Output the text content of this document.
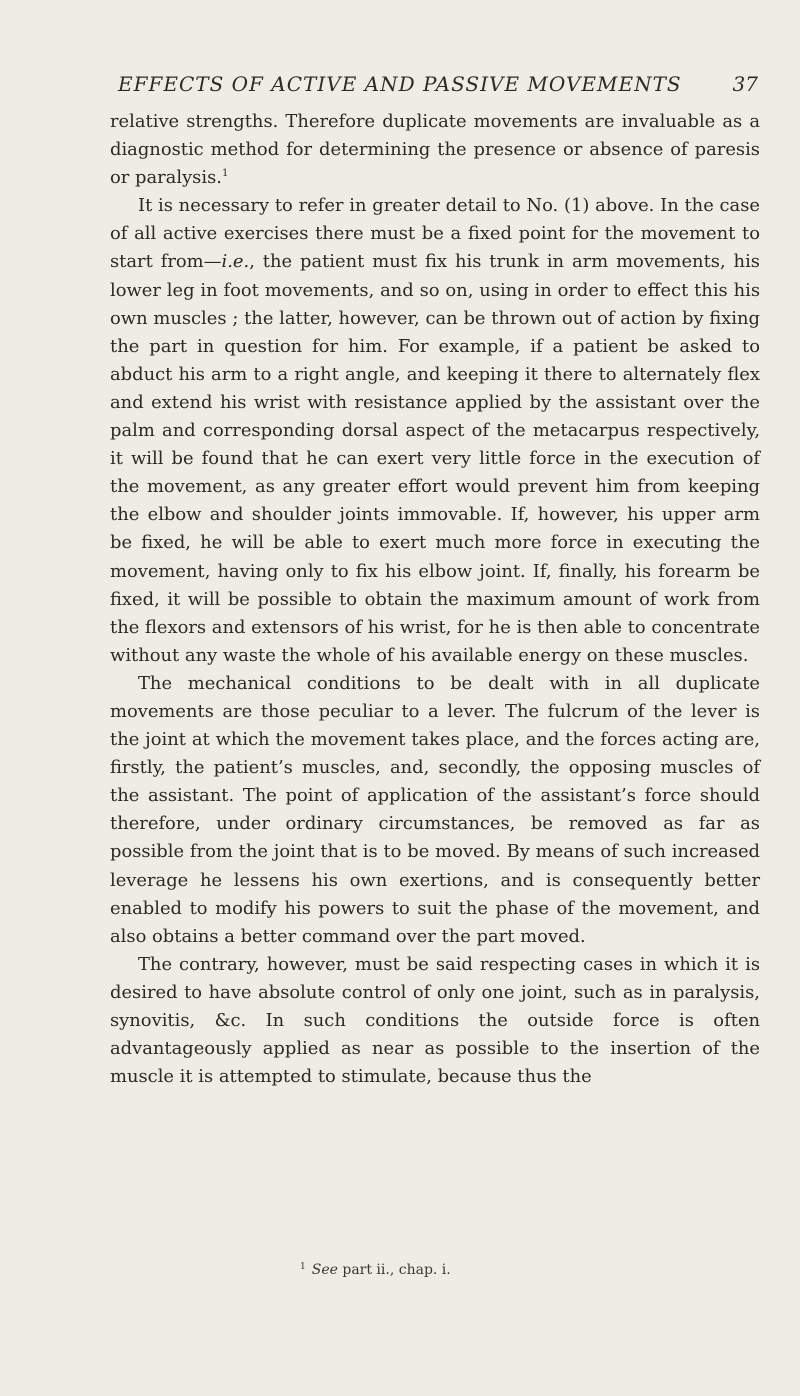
EFFECTS OF ACTIVE AND PASSIVE MOVEMENTS	37

relative strengths. Therefore duplicate movements are invaluable as a diagnostic method for determining the presence or absence of paresis or paralysis.$^1$

It is necessary to refer in greater detail to No. (1) above. In the case of all active exercises there must be a fixed point for the movement to start from—i.e., the patient must fix his trunk in arm movements, his lower leg in foot movements, and so on, using in order to effect this his own muscles ; the latter, however, can be thrown out of action by fixing the part in question for him. For example, if a patient be asked to abduct his arm to a right angle, and keeping it there to alternately flex and extend his wrist with resistance applied by the assistant over the palm and corresponding dorsal aspect of the metacarpus respectively, it will be found that he can exert very little force in the execution of the movement, as any greater effort would prevent him from keeping the elbow and shoulder joints immovable. If, however, his upper arm be fixed, he will be able to exert much more force in executing the movement, having only to fix his elbow joint. If, finally, his forearm be fixed, it will be possible to obtain the maximum amount of work from the flexors and extensors of his wrist, for he is then able to concentrate without any waste the whole of his available energy on these muscles.

The mechanical conditions to be dealt with in all duplicate movements are those peculiar to a lever. The fulcrum of the lever is the joint at which the movement takes place, and the forces acting are, firstly, the patient’s muscles, and, secondly, the opposing muscles of the assistant. The point of application of the assistant’s force should therefore, under ordinary circumstances, be removed as far as possible from the joint that is to be moved. By means of such increased leverage he lessens his own exertions, and is consequently better enabled to modify his powers to suit the phase of the movement, and also obtains a better command over the part moved.

The contrary, however, must be said respecting cases in which it is desired to have absolute control of only one joint, such as in paralysis, synovitis, &c. In such conditions the outside force is often advantageously applied as near as possible to the insertion of the muscle it is attempted to stimulate, because thus the

$^1$ See part ii., chap. i.
